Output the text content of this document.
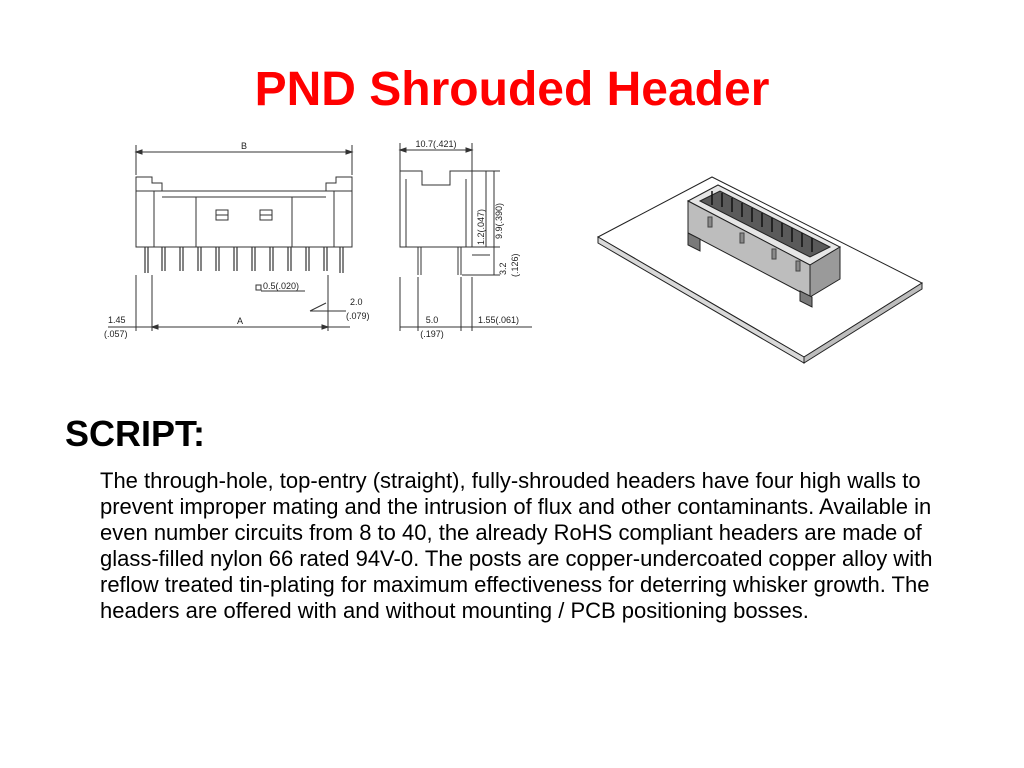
PND Shrouded Header
B
0.5(.020)
2.0
(.079)
A
1.45
(.057)
10.7(.421)
1.2(.047) 9.9(.390)
3.2 (.126)
5.0
(.197)
1.55(.061)
SCRIPT:

The through-hole, top-entry (straight), fully-shrouded headers have four high walls to prevent improper mating and the intrusion of flux and other contaminants. Available in even number circuits from 8 to 40, the already RoHS compliant headers are made of glass-filled nylon 66 rated 94V-0. The posts are copper-undercoated copper alloy with reflow treated tin-plating for maximum effectiveness for deterring whisker growth. The headers are offered with and without mounting / PCB positioning bosses.
